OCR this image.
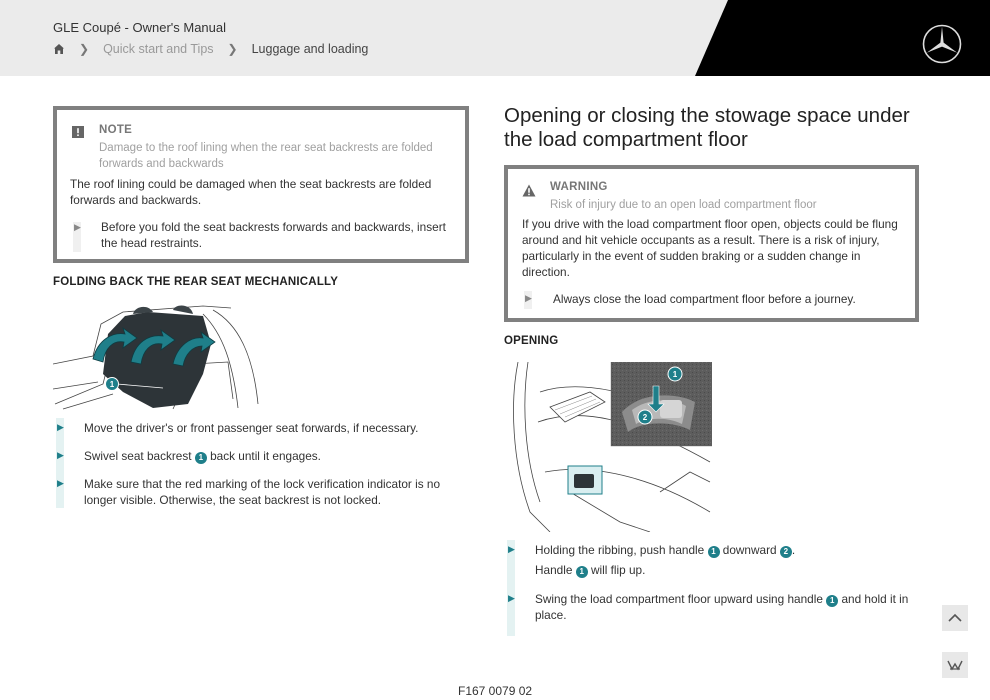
GLE Coupé - Owner's Manual
❯ Quick start and Tips ❯ Luggage and loading
NOTE
Damage to the roof lining when the rear seat backrests are folded forwards and backwards
The roof lining could be damaged when the seat backrests are folded forwards and backwards.
▶ Before you fold the seat backrests forwards and backwards, insert the head restraints.
FOLDING BACK THE REAR SEAT MECHANICALLY
1
▶ Move the driver's or front passenger seat forwards, if necessary.
▶ Swivel seat backrest 1 back until it engages.
▶ Make sure that the red marking of the lock verification indicator is no longer visible. Otherwise, the seat backrest is not locked.
Opening or closing the stowage space under the load compartment floor
WARNING
Risk of injury due to an open load compartment floor
If you drive with the load compartment floor open, objects could be flung around and hit vehicle occupants as a result. There is a risk of injury, particularly in the event of sudden braking or a sudden change in direction.
▶ Always close the load compartment floor before a journey.
OPENING
1
2
▶ Holding the ribbing, push handle 1 downward 2 .
Handle 1 will flip up.
▶ Swing the load compartment floor upward using handle 1 and hold it in place.
F167 0079 02
